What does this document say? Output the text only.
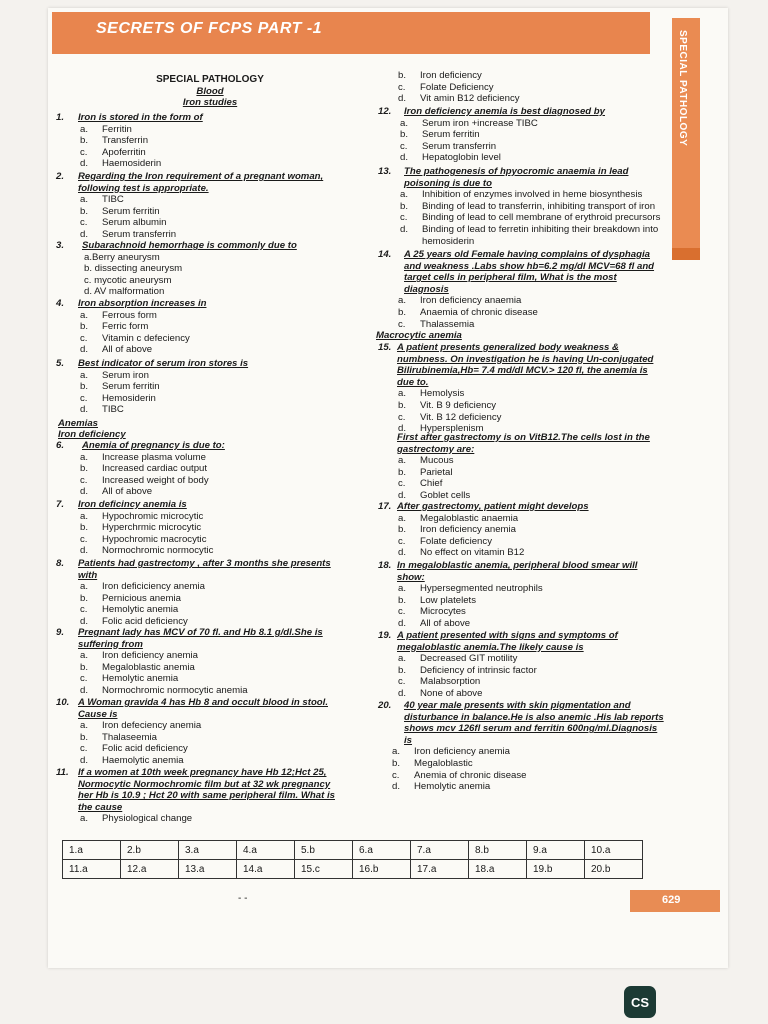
SECRETS OF FCPS PART -1
SPECIAL PATHOLOGY
SPECIAL PATHOLOGY
Blood
Iron studies
1.a	2.b	3.a	4.a	5.b	6.a	7.a	8.b	9.a	10.a
11.a	12.a	13.a	14.a	15.c	16.b	17.a	18.a	19.b	20.b
- -	629
CS
1. Iron is stored in the form of
a. Ferritin
b. Transferrin
c. Apoferritin
d. Haemosiderin
2. Regarding the Iron requirement of a pregnant woman,
following test is appropriate.
a. TIBC
b. Serum ferritin
c. Serum albumin
d. Serum transferrin
3. Subarachnoid hemorrhage is commonly due to
a.Berry aneurysm
b. dissecting aneurysm
c. mycotic aneurysm
d. AV malformation
4. Iron absorption increases in
a. Ferrous form
b. Ferric form
c. Vitamin c defeciency
d. All of above
5. Best indicator of serum iron stores is
a. Serum iron
b. Serum ferritin
c. Hemosiderin
d. TIBC
Anemias
Iron deficiency
6. Anemia of pregnancy is due to:
a. Increase plasma volume
b. Increased cardiac output
c. Increased weight of body
d. All of above
7. Iron deficincy anemia is
a. Hypochromic microcytic
b. Hyperchrmic microcytic
c. Hypochromic macrocytic
d. Normochromic normocytic
8. Patients had gastrectomy , after 3 months she presents
with
a. Iron deficiciency anemia
b. Pernicious anemia
c. Hemolytic anemia
d. Folic acid deficiency
9. Pregnant lady has MCV of 70 fl. and Hb 8.1 g/dl.She is
suffering from
a. Iron deficiency anemia
b. Megaloblastic anemia
c. Hemolytic anemia
d. Normochromic normocytic anemia
10. A Woman gravida 4 has Hb 8 and occult blood in stool.
Cause is
a. Iron defeciency anemia
b. Thalaseemia
c. Folic acid deficiency
d. Haemolytic anemia
11. If a women at 10th week pregnancy have Hb 12;Hct 25,
Normocytic Normochromic film but at 32 wk pregnancy
her Hb is 10.9 ; Hct 20 with same peripheral film. What is
the cause
a. Physiological change
b. Iron deficiency
c. Folate Deficiency
d. Vit amin B12 deficiency
12. Iron deficiency anemia is best diagnosed by
a. Serum iron +increase TIBC
b. Serum ferritin
c. Serum transferrin
d. Hepatoglobin level
13. The pathogenesis of hpyocromic anaemia in lead
poisoning is due to
a. Inhibition of enzymes involved in heme biosynthesis
b. Binding of lead to transferrin, inhibiting transport of iron
c. Binding of lead to cell membrane of erythroid precursors
d. Binding of lead to ferretin inhibiting their breakdown into
hemosiderin
14. A 25 years old Female having complains of dysphagia
and weakness .Labs show hb=6.2 mg/dl MCV=68 fl and
target cells in peripheral film, What is the most
diagnosis
a. Iron deficiency anaemia
b. Anaemia of chronic disease
c. Thalassemia
15. A patient presents generalized body weakness &
numbness. On investigation he is having Un-conjugated
Bilirubinemia,Hb= 7.4 md/dl MCV.> 120 fl, the anemia is
due to.
a. Hemolysis
b. Vit. B 9 deficiency
c. Vit. B 12 deficiency
d. Hypersplenism
First after gastrectomy is on VitB12.The cells lost in the
gastrectomy are:
a. Mucous
b. Parietal
c. Chief
d. Goblet cells
17. After gastrectomy, patient might develops
a. Megaloblastic anaemia
b. Iron deficiency anemia
c. Folate deficiency
d. No effect on vitamin B12
18. In megaloblastic anemia, peripheral blood smear will
show:
a. Hypersegmented neutrophils
b. Low platelets
c. Microcytes
d. All of above
19. A patient presented with signs and symptoms of
megaloblastic anemia.The likely cause is
a. Decreased GIT motility
b. Deficiency of intrinsic factor
c. Malabsorption
d. None of above
20. 40 year male presents with skin pigmentation and
disturbance in balance.He is also anemic .His lab reports
shows mcv 126fl serum and ferritin 600ng/ml.Diagnosis
is
a. Iron deficiency anemia
b. Megaloblastic
c. Anemia of chronic disease
d. Hemolytic anemia
Macrocytic anemia
